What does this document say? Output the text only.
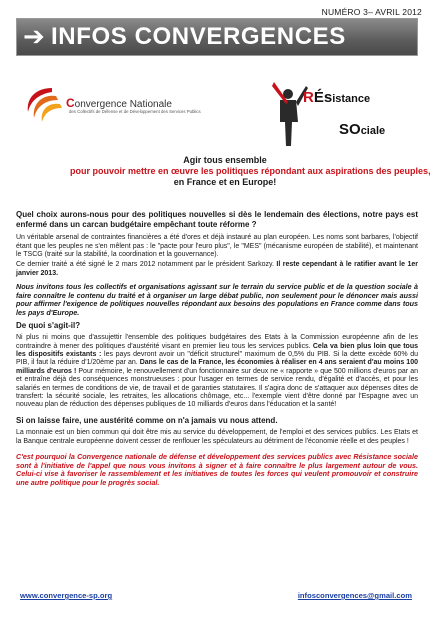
NUMÉRO 3– AVRIL 2012
➔ INFOS CONVERGENCES
Convergence Nationale
des Collectifs de Défense et de Développement des Services Publics
RÉsistance
SOciale
Agir tous ensemble
pour pouvoir mettre en œuvre les politiques répondant aux aspirations des peuples,
en France et en Europe!

Quel choix aurons-nous pour des politiques nouvelles si dès le lendemain des élections, notre pays est enfermé dans un carcan budgétaire empêchant toute réforme ?

Un véritable arsenal de contraintes financières a été d'ores et déjà instauré au plan européen. Les noms sont barbares, l'objectif étant que les peuples ne s'en mêlent pas : le "pacte pour l'euro plus", le "MES" (mécanisme européen de stabilité), et maintenant le TSCG (traité sur la stabilité, la coordination et la gouvernance).

Ce dernier traité a été signé le 2 mars 2012 notamment par le président Sarkozy. Il reste cependant à le ratifier avant le 1er janvier 2013.

Nous invitons tous les collectifs et organisations agissant sur le terrain du service public et de la question sociale à faire connaître le contenu du traité et à organiser un large débat public, non seulement pour le dénoncer mais aussi pour affirmer l'exigence de politiques nouvelles répondant aux besoins des populations en France comme dans tous les pays d'Europe.

De quoi s'agit-il?

Ni plus ni moins que d'assujettir l'ensemble des politiques budgétaires des Etats à la Commission européenne afin de les contraindre à mener des politiques d'austérité visant en premier lieu tous les services publics. Cela va bien plus loin que tous les dispositifs existants : les pays devront avoir un "déficit structurel" maximum de 0,5% du PIB. Si la dette excède 60% du PIB, il faut la réduire d'1/20ème par an. Dans le cas de la France, les économies à réaliser en 4 ans seraient d'au moins 100 milliards d'euros ! Pour mémoire, le renouvellement d'un fonctionnaire sur deux ne « rapporte » que 500 millions d'euros par an et entraîne déjà des conséquences monstrueuses : pour l'usager en termes de service rendu, d'égalité et d'accès, et pour les salariés en termes de conditions de vie, de travail et de garanties statutaires. Il s'agira donc de s'attaquer aux dépenses dites de transfert: la sécurité sociale, les retraites, les allocations chômage, etc... l'exemple vient d'être donné par l'Espagne avec un nouveau plan de réduction des dépenses publiques de 10 milliards d'euros dans l'éducation et la santé!

Si on laisse faire, une austérité comme on n'a jamais vu nous attend.

La monnaie est un bien commun qui doit être mis au service du développement, de l'emploi et des services publics. Les Etats et la Banque centrale européenne doivent cesser de renflouer les spéculateurs au détriment de l'économie réelle et des peuples !

C'est pourquoi la Convergence nationale de défense et développement des services publics avec Résistance sociale sont à l'initiative de l'appel que nous vous invitons à signer et à faire connaître le plus largement autour de vous. Celui-ci vise à favoriser le rassemblement et les initiatives de toutes les forces qui veulent promouvoir et construire une autre politique pour le progrès social.

www.convergence-sp.org	infosconvergences@gmail.com
